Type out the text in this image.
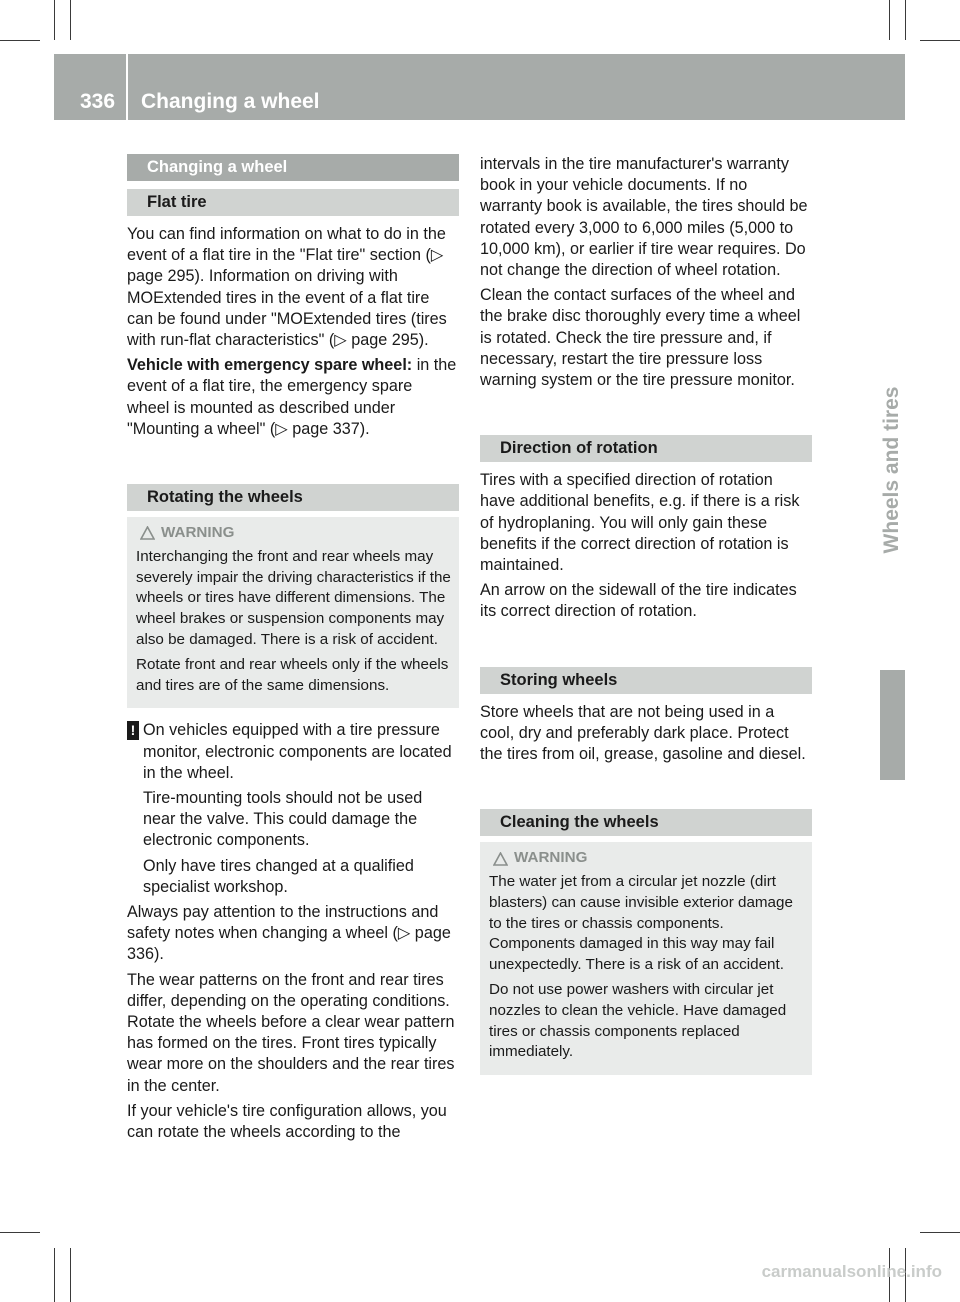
336 Changing a wheel
Wheels and tires
Changing a wheel
Flat tire

You can find information on what to do in the event of a flat tire in the "Flat tire" section (▷ page 295). Information on driving with MOExtended tires in the event of a flat tire can be found under "MOExtended tires (tires with run-flat characteristics" (▷ page 295).

Vehicle with emergency spare wheel: in the event of a flat tire, the emergency spare wheel is mounted as described under "Mounting a wheel" (▷ page 337).

Rotating the wheels
WARNING

Interchanging the front and rear wheels may severely impair the driving characteristics if the wheels or tires have different dimensions. The wheel brakes or suspension components may also be damaged. There is a risk of accident.

Rotate front and rear wheels only if the wheels and tires are of the same dimensions.

! On vehicles equipped with a tire pressure monitor, electronic components are located in the wheel.

Tire-mounting tools should not be used near the valve. This could damage the electronic components.

Only have tires changed at a qualified specialist workshop.

Always pay attention to the instructions and safety notes when changing a wheel (▷ page 336).

The wear patterns on the front and rear tires differ, depending on the operating conditions. Rotate the wheels before a clear wear pattern has formed on the tires. Front tires typically wear more on the shoulders and the rear tires in the center.

If your vehicle's tire configuration allows, you can rotate the wheels according to the

intervals in the tire manufacturer's warranty book in your vehicle documents. If no warranty book is available, the tires should be rotated every 3,000 to 6,000 miles (5,000 to 10,000 km), or earlier if tire wear requires. Do not change the direction of wheel rotation.

Clean the contact surfaces of the wheel and the brake disc thoroughly every time a wheel is rotated. Check the tire pressure and, if necessary, restart the tire pressure loss warning system or the tire pressure monitor.

Direction of rotation

Tires with a specified direction of rotation have additional benefits, e.g. if there is a risk of hydroplaning. You will only gain these benefits if the correct direction of rotation is maintained.

An arrow on the sidewall of the tire indicates its correct direction of rotation.

Storing wheels

Store wheels that are not being used in a cool, dry and preferably dark place. Protect the tires from oil, grease, gasoline and diesel.

Cleaning the wheels
WARNING

The water jet from a circular jet nozzle (dirt blasters) can cause invisible exterior damage to the tires or chassis components. Components damaged in this way may fail unexpectedly. There is a risk of an accident.

Do not use power washers with circular jet nozzles to clean the vehicle. Have damaged tires or chassis components replaced immediately.

carmanualsonline.info
